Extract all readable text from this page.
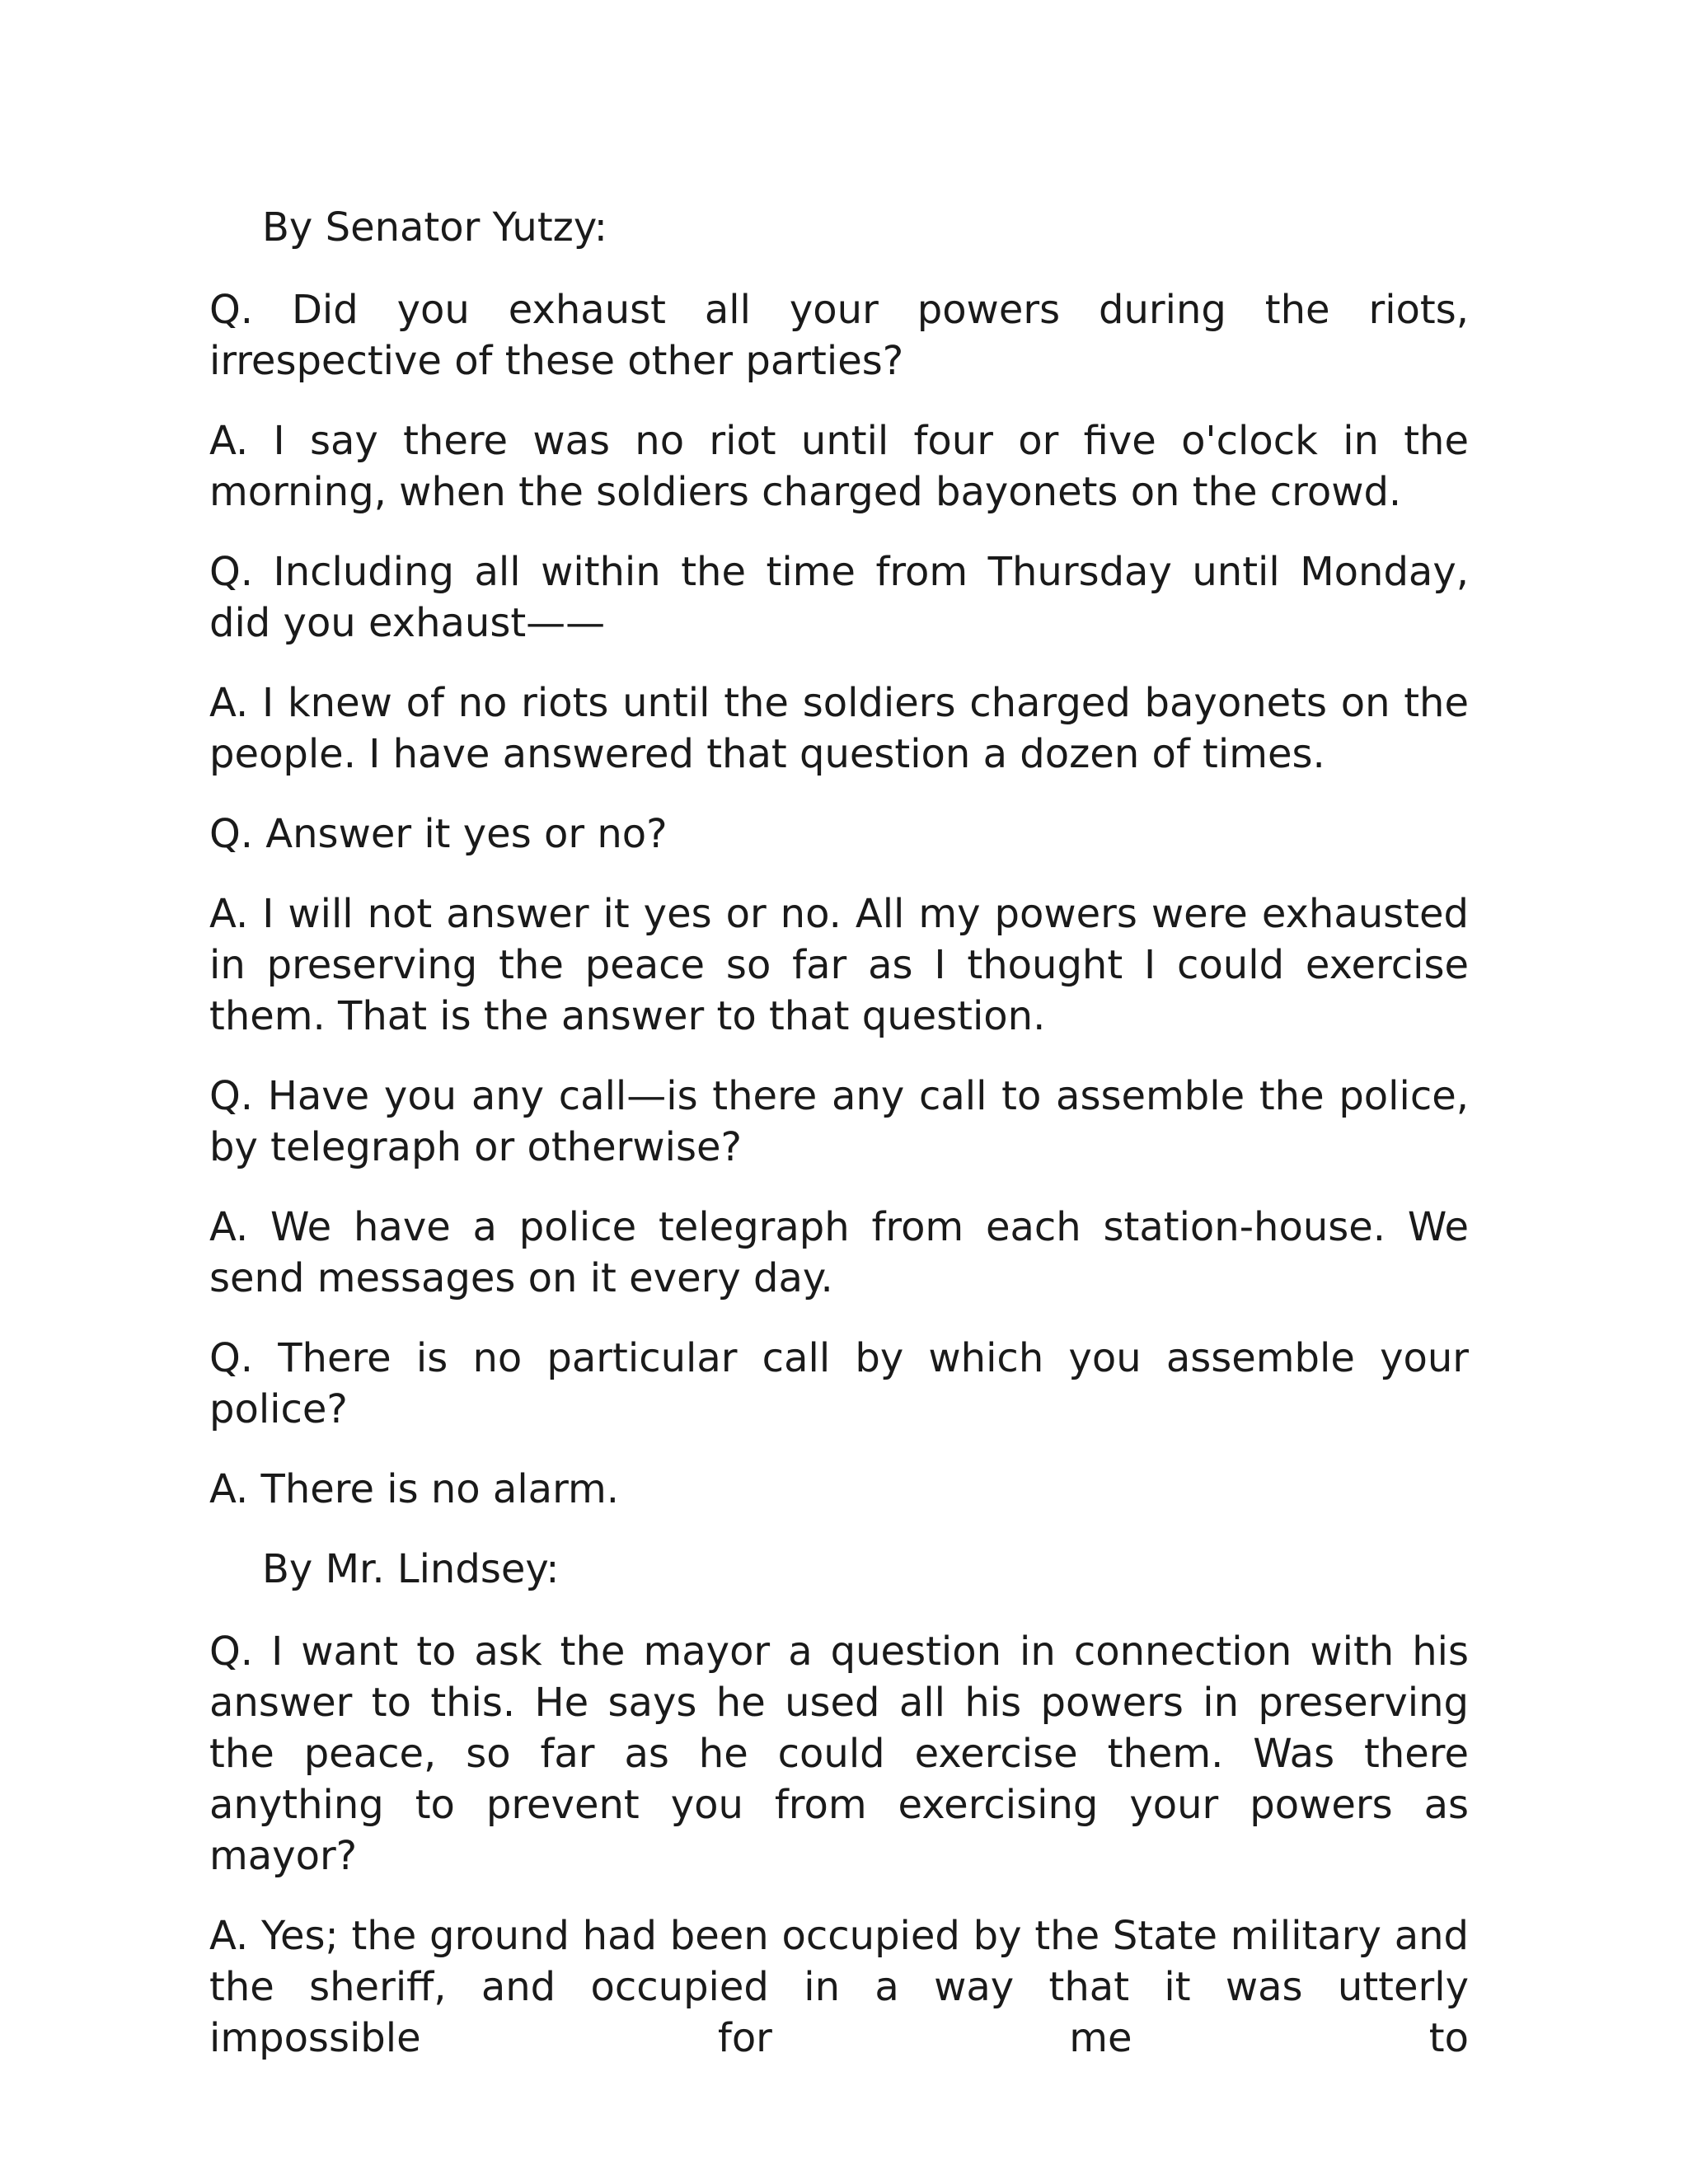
By Senator Yutzy:

Q. Did you exhaust all your powers during the riots, irrespective of these other parties?

A. I say there was no riot until four or five o'clock in the morning, when the soldiers charged bayonets on the crowd.

Q. Including all within the time from Thursday until Monday, did you exhaust——

A. I knew of no riots until the soldiers charged bayonets on the people. I have answered that question a dozen of times.

Q. Answer it yes or no?

A. I will not answer it yes or no. All my powers were exhausted in preserving the peace so far as I thought I could exercise them. That is the answer to that question.

Q. Have you any call—is there any call to assemble the police, by telegraph or otherwise?

A. We have a police telegraph from each station-house. We send messages on it every day.

Q. There is no particular call by which you assemble your police?

A. There is no alarm.

By Mr. Lindsey:

Q. I want to ask the mayor a question in connection with his answer to this. He says he used all his powers in preserving the peace, so far as he could exercise them. Was there anything to prevent you from exercising your powers as mayor?

A. Yes; the ground had been occupied by the State military and the sheriff, and occupied in a way that it was utterly impossible for me to
